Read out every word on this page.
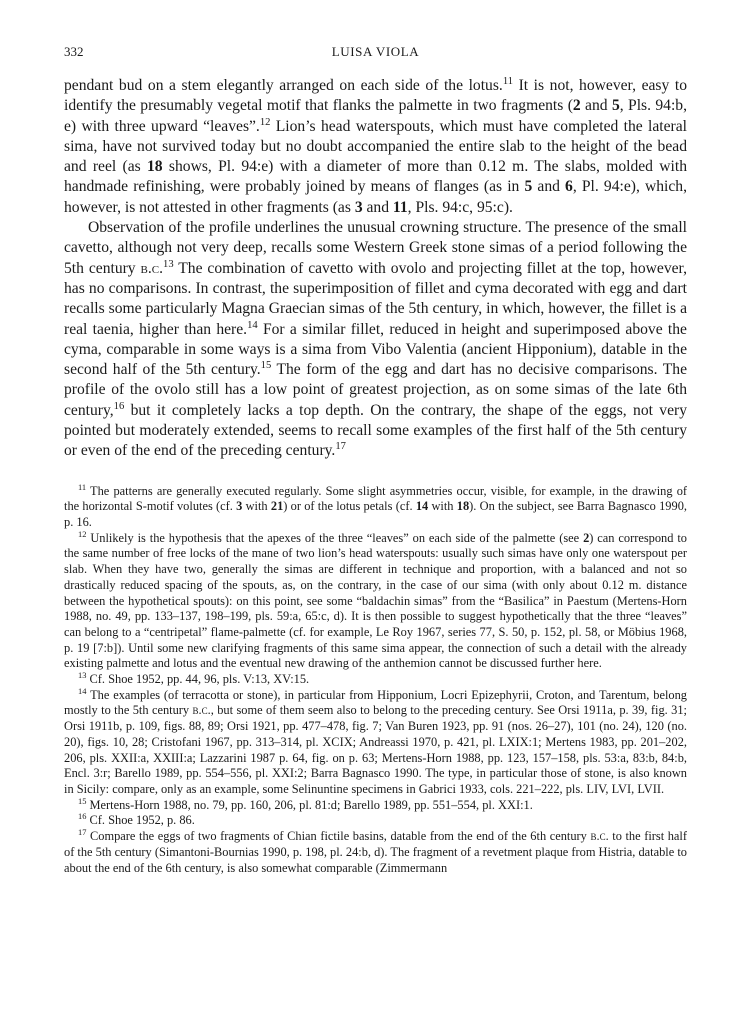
332	LUISA VIOLA

pendant bud on a stem elegantly arranged on each side of the lotus.$^{11}$ It is not, however, easy to identify the presumably vegetal motif that flanks the palmette in two fragments (2 and 5, Pls. 94:b, e) with three upward “leaves”.$^{12}$ Lion’s head waterspouts, which must have completed the lateral sima, have not survived today but no doubt accompanied the entire slab to the height of the bead and reel (as 18 shows, Pl. 94:e) with a diameter of more than 0.12 m. The slabs, molded with handmade refinishing, were probably joined by means of flanges (as in 5 and 6, Pl. 94:e), which, however, is not attested in other fragments (as 3 and 11, Pls. 94:c, 95:c).

Observation of the profile underlines the unusual crowning structure. The presence of the small cavetto, although not very deep, recalls some Western Greek stone simas of a period following the 5th century b.c.$^{13}$ The combination of cavetto with ovolo and projecting fillet at the top, however, has no comparisons. In contrast, the superimposition of fillet and cyma decorated with egg and dart recalls some particularly Magna Graecian simas of the 5th century, in which, however, the fillet is a real taenia, higher than here.$^{14}$ For a similar fillet, reduced in height and superimposed above the cyma, comparable in some ways is a sima from Vibo Valentia (ancient Hipponium), datable in the second half of the 5th century.$^{15}$ The form of the egg and dart has no decisive comparisons. The profile of the ovolo still has a low point of greatest projection, as on some simas of the late 6th century,$^{16}$ but it completely lacks a top depth. On the contrary, the shape of the eggs, not very pointed but moderately extended, seems to recall some examples of the first half of the 5th century or even of the end of the preceding century.$^{17}$

$^{11}$ The patterns are generally executed regularly. Some slight asymmetries occur, visible, for example, in the drawing of the horizontal S-motif volutes (cf. 3 with 21) or of the lotus petals (cf. 14 with 18). On the subject, see Barra Bagnasco 1990, p. 16.

$^{12}$ Unlikely is the hypothesis that the apexes of the three “leaves” on each side of the palmette (see 2) can correspond to the same number of free locks of the mane of two lion’s head waterspouts: usually such simas have only one waterspout per slab. When they have two, generally the simas are different in technique and proportion, with a balanced and not so drastically reduced spacing of the spouts, as, on the contrary, in the case of our sima (with only about 0.12 m. distance between the hypothetical spouts): on this point, see some “baldachin simas” from the “Basilica” in Paestum (Mertens-Horn 1988, no. 49, pp. 133–137, 198–199, pls. 59:a, 65:c, d). It is then possible to suggest hypothetically that the three “leaves” can belong to a “centripetal” flame-palmette (cf. for example, Le Roy 1967, series 77, S. 50, p. 152, pl. 58, or Möbius 1968, p. 19 [7:b]). Until some new clarifying fragments of this same sima appear, the connection of such a detail with the already existing palmette and lotus and the eventual new drawing of the anthemion cannot be discussed further here.

$^{13}$ Cf. Shoe 1952, pp. 44, 96, pls. V:13, XV:15.

$^{14}$ The examples (of terracotta or stone), in particular from Hipponium, Locri Epizephyrii, Croton, and Tarentum, belong mostly to the 5th century b.c., but some of them seem also to belong to the preceding century. See Orsi 1911a, p. 39, fig. 31; Orsi 1911b, p. 109, figs. 88, 89; Orsi 1921, pp. 477–478, fig. 7; Van Buren 1923, pp. 91 (nos. 26–27), 101 (no. 24), 120 (no. 20), figs. 10, 28; Cristofani 1967, pp. 313–314, pl. XCIX; Andreassi 1970, p. 421, pl. LXIX:1; Mertens 1983, pp. 201–202, 206, pls. XXII:a, XXIII:a; Lazzarini 1987 p. 64, fig. on p. 63; Mertens-Horn 1988, pp. 123, 157–158, pls. 53:a, 83:b, 84:b, Encl. 3:r; Barello 1989, pp. 554–556, pl. XXI:2; Barra Bagnasco 1990. The type, in particular those of stone, is also known in Sicily: compare, only as an example, some Selinuntine specimens in Gabrici 1933, cols. 221–222, pls. LIV, LVI, LVII.

$^{15}$ Mertens-Horn 1988, no. 79, pp. 160, 206, pl. 81:d; Barello 1989, pp. 551–554, pl. XXI:1.

$^{16}$ Cf. Shoe 1952, p. 86.

$^{17}$ Compare the eggs of two fragments of Chian fictile basins, datable from the end of the 6th century b.c. to the first half of the 5th century (Simantoni-Bournias 1990, p. 198, pl. 24:b, d). The fragment of a revetment plaque from Histria, datable to about the end of the 6th century, is also somewhat comparable (Zimmermann
